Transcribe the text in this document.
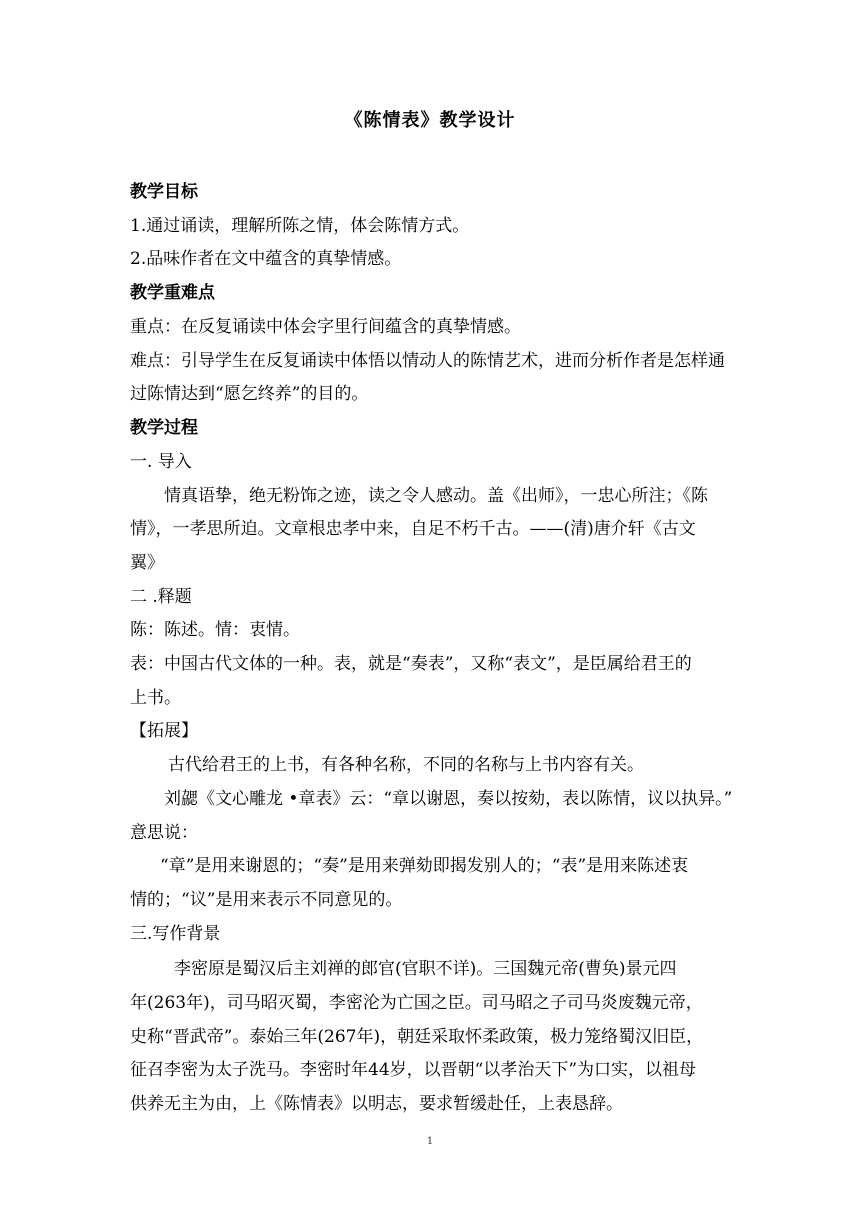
《陈情表》教学设计
教学目标
1.通过诵读，理解所陈之情，体会陈情方式。
2.品味作者在文中蕴含的真挚情感。
教学重难点
重点：在反复诵读中体会字里行间蕴含的真挚情感。
难点：引导学生在反复诵读中体悟以情动人的陈情艺术，进而分析作者是怎样通
过陈情达到“愿乞终养”的目的。
教学过程
一. 导入
情真语挚，绝无粉饰之迹，读之令人感动。盖《出师》，一忠心所注；《陈
情》，一孝思所迫。文章根忠孝中来，自足不朽千古。——(清)唐介轩《古文
翼》
二 .释题
陈：陈述。情：衷情。
表：中国古代文体的一种。表，就是“奏表”，又称“表文”，是臣属给君王的
上书。
【拓展】
古代给君王的上书，有各种名称，不同的名称与上书内容有关。
刘勰《文心雕龙 •章表》云：“章以谢恩，奏以按劾，表以陈情，议以执异。”
意思说：
“章”是用来谢恩的；“奏”是用来弹劾即揭发别人的；“表”是用来陈述衷
情的；“议”是用来表示不同意见的。
三.写作背景
李密原是蜀汉后主刘禅的郎官(官职不详)。三国魏元帝(曹奂)景元四
年(263年)，司马昭灭蜀，李密沦为亡国之臣。司马昭之子司马炎废魏元帝，
史称“晋武帝”。泰始三年(267年)，朝廷采取怀柔政策，极力笼络蜀汉旧臣，
征召李密为太子洗马。李密时年44岁，以晋朝“以孝治天下”为口实，以祖母
供养无主为由，上《陈情表》以明志，要求暂缓赴任，上表恳辞。
1
